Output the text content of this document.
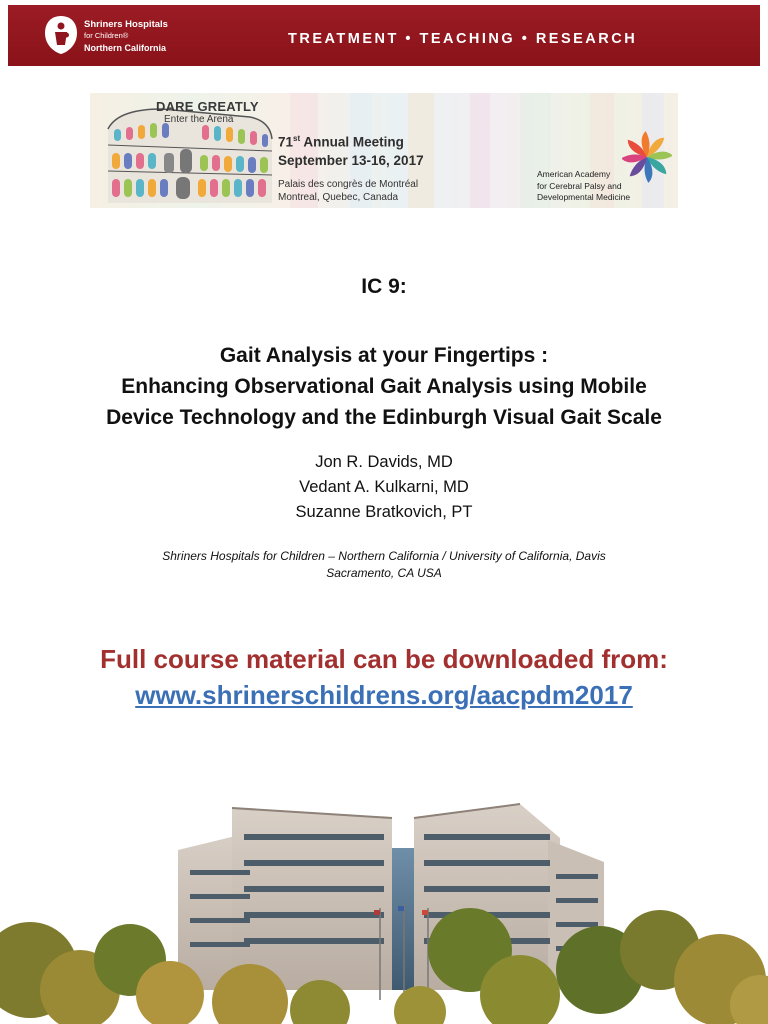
Shriners Hospitals
for Children®
Northern California
TREATMENT • TEACHING • RESEARCH
DARE GREATLY
Enter the Arena
71st Annual Meeting
September 13-16, 2017
Palais des congrès de Montréal
Montreal, Quebec, Canada
American Academy
for Cerebral Palsy and
Developmental Medicine
IC 9:
Gait Analysis at your Fingertips :
Enhancing Observational Gait Analysis using Mobile
Device Technology and the Edinburgh Visual Gait Scale
Jon R. Davids, MD
Vedant A. Kulkarni, MD
Suzanne Bratkovich, PT
Shriners Hospitals for Children – Northern California / University of California, Davis
Sacramento, CA USA
Full course material can be downloaded from:
www.shrinerschildrens.org/aacpdm2017
